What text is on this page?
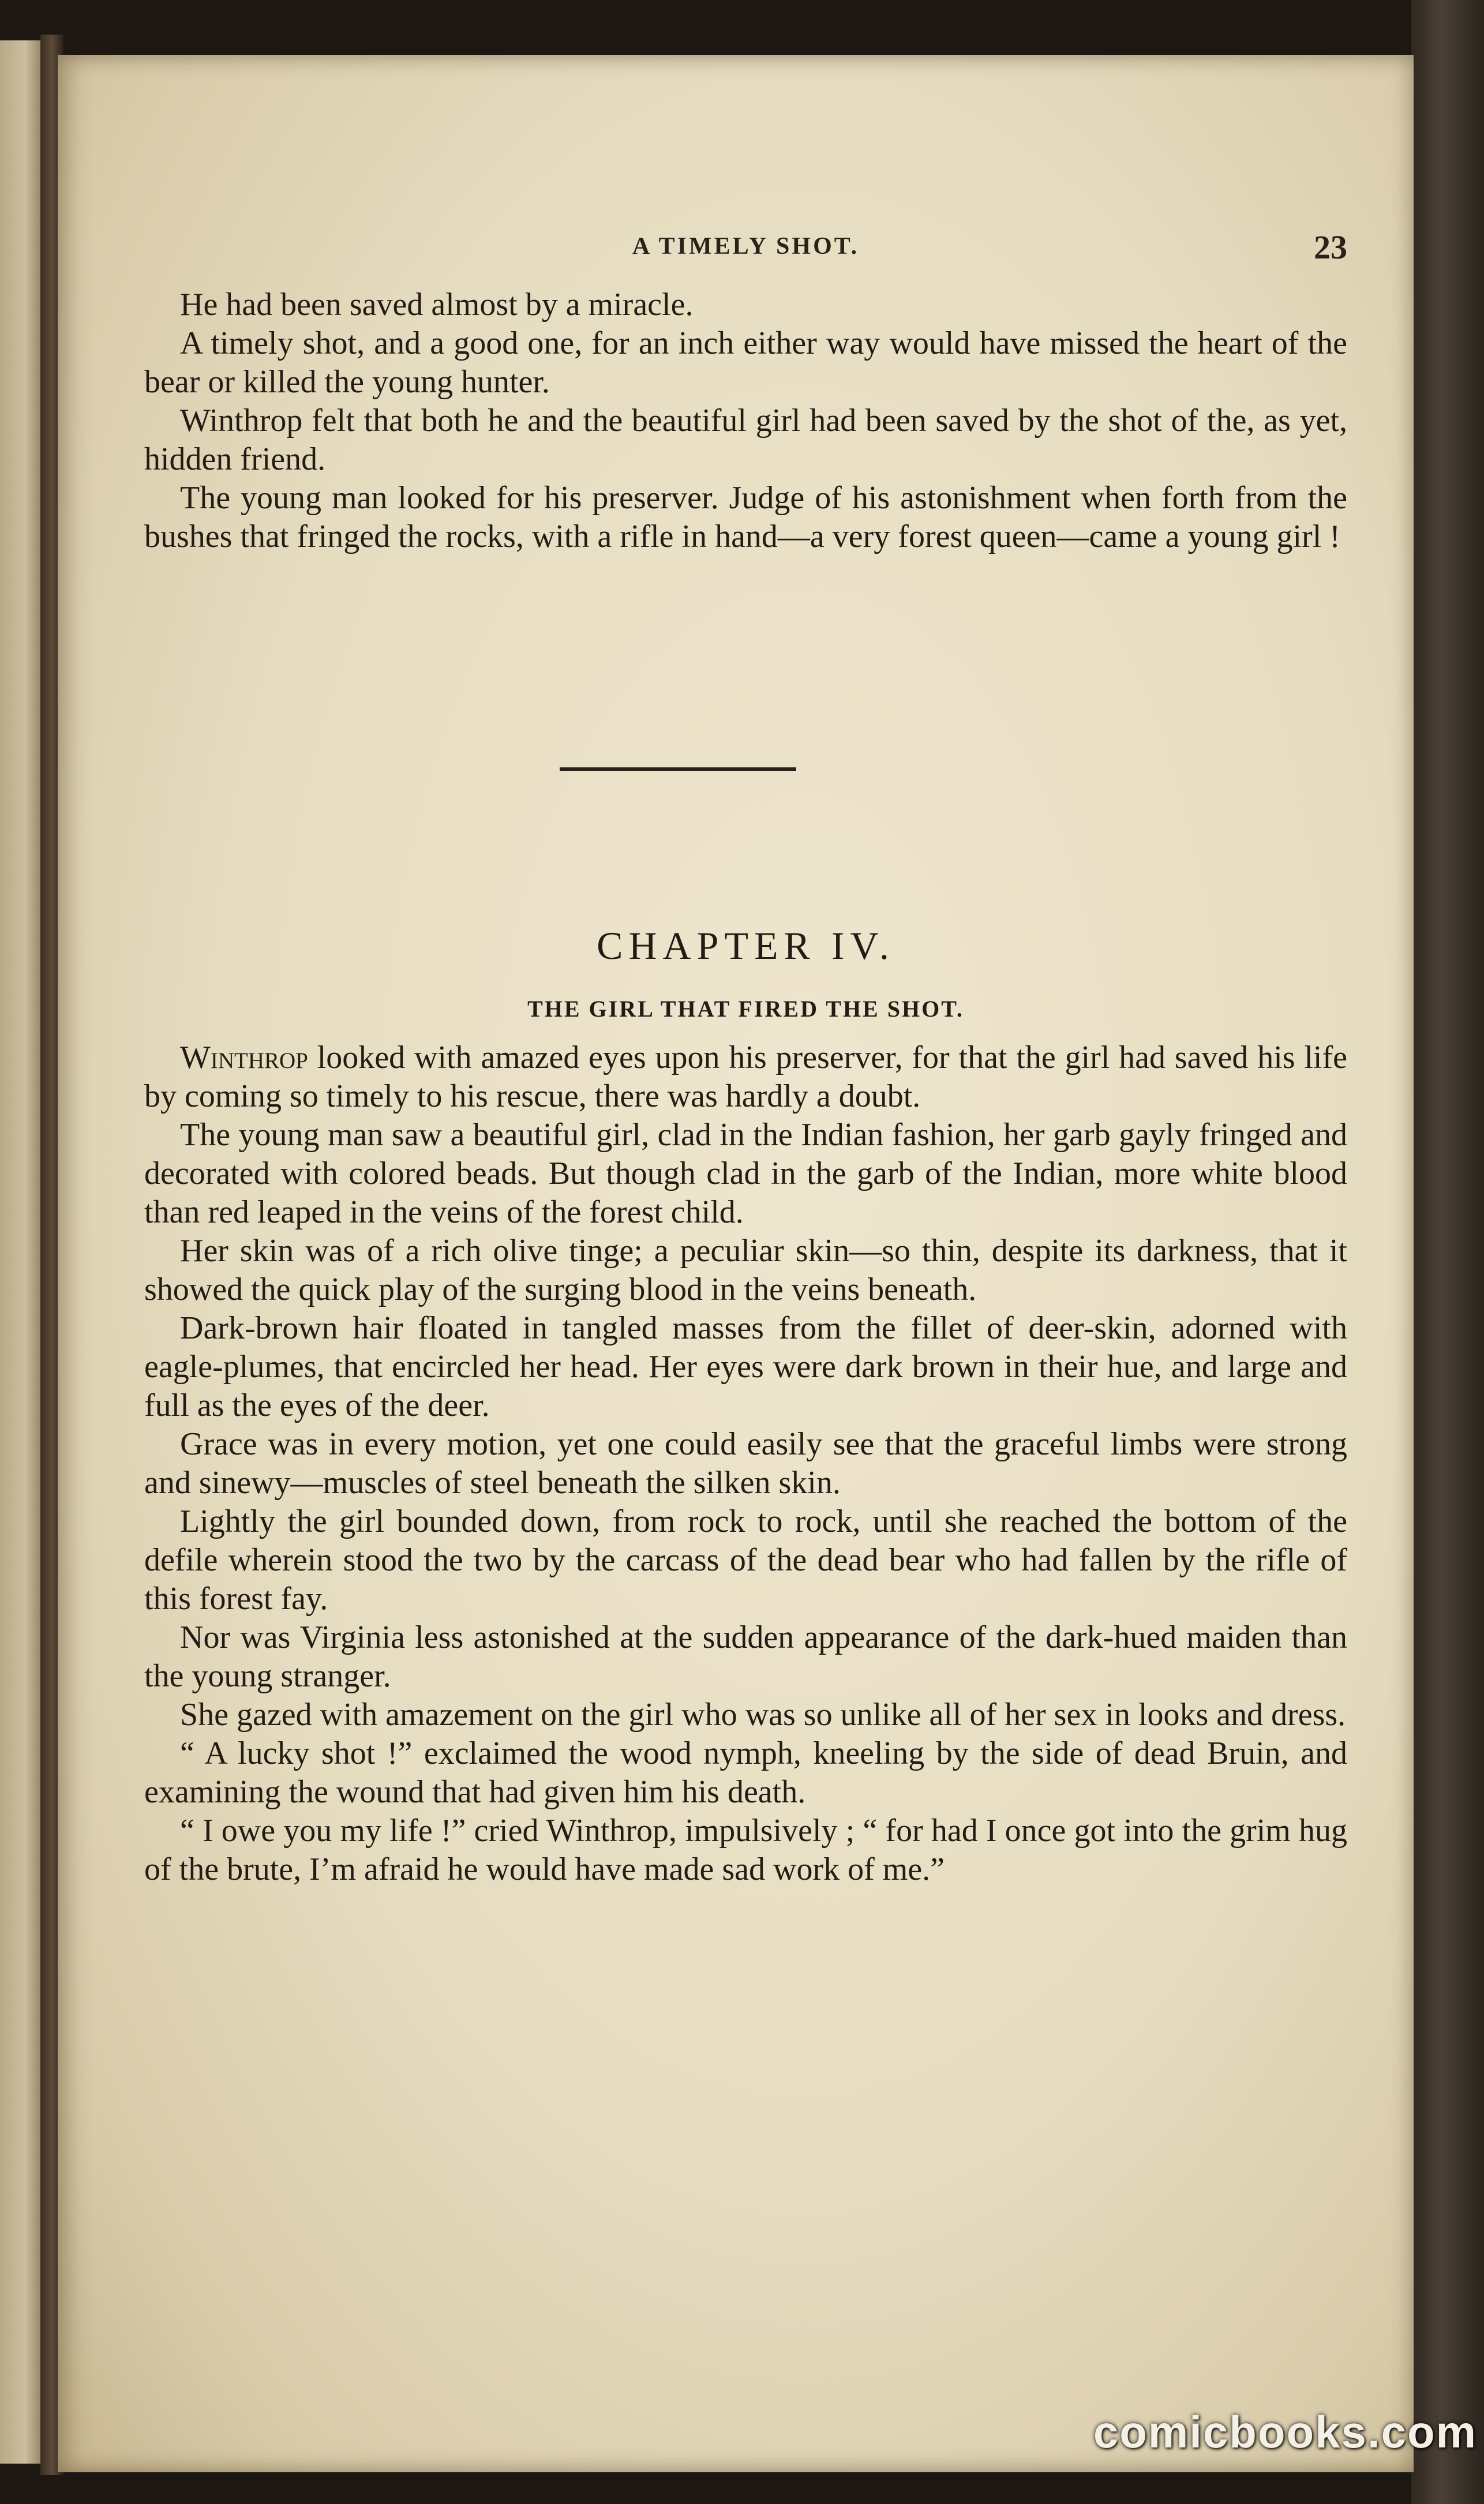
A TIMELY SHOT.	23

He had been saved almost by a miracle.

A timely shot, and a good one, for an inch either way would have missed the heart of the bear or killed the young hunter.

Winthrop felt that both he and the beautiful girl had been saved by the shot of the, as yet, hidden friend.

The young man looked for his preserver. Judge of his astonishment when forth from the bushes that fringed the rocks, with a rifle in hand—a very forest queen—came a young girl !

CHAPTER IV.
THE GIRL THAT FIRED THE SHOT.

Winthrop looked with amazed eyes upon his preserver, for that the girl had saved his life by coming so timely to his rescue, there was hardly a doubt.

The young man saw a beautiful girl, clad in the Indian fashion, her garb gayly fringed and decorated with colored beads. But though clad in the garb of the Indian, more white blood than red leaped in the veins of the forest child.

Her skin was of a rich olive tinge; a peculiar skin—so thin, despite its darkness, that it showed the quick play of the surging blood in the veins beneath.

Dark-brown hair floated in tangled masses from the fillet of deer-skin, adorned with eagle-plumes, that encircled her head. Her eyes were dark brown in their hue, and large and full as the eyes of the deer.

Grace was in every motion, yet one could easily see that the graceful limbs were strong and sinewy—muscles of steel beneath the silken skin.

Lightly the girl bounded down, from rock to rock, until she reached the bottom of the defile wherein stood the two by the carcass of the dead bear who had fallen by the rifle of this forest fay.

Nor was Virginia less astonished at the sudden appearance of the dark-hued maiden than the young stranger.

She gazed with amazement on the girl who was so unlike all of her sex in looks and dress.

“ A lucky shot !” exclaimed the wood nymph, kneeling by the side of dead Bruin, and examining the wound that had given him his death.

“ I owe you my life !” cried Winthrop, impulsively ; “ for had I once got into the grim hug of the brute, I’m afraid he would have made sad work of me.”

comicbooks.com
